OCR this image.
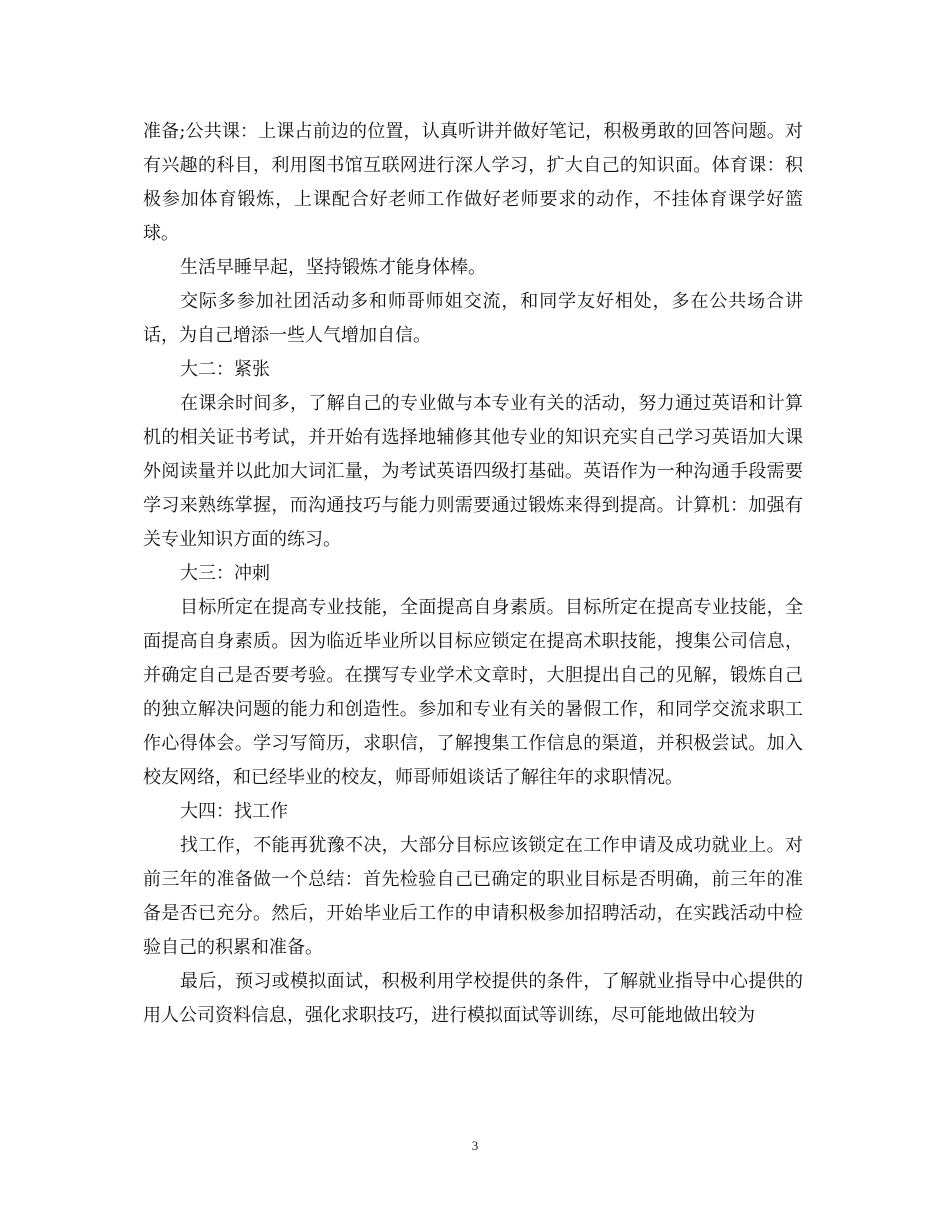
准备;公共课：上课占前边的位置，认真听讲并做好笔记，积极勇敢的回答问题。对有兴趣的科目，利用图书馆互联网进行深人学习，扩大自己的知识面。体育课：积极参加体育锻炼，上课配合好老师工作做好老师要求的动作，不挂体育课学好篮球。

生活早睡早起，坚持锻炼才能身体棒。

交际多参加社团活动多和师哥师姐交流，和同学友好相处，多在公共场合讲话，为自己增添一些人气增加自信。

大二：紧张

在课余时间多，了解自己的专业做与本专业有关的活动，努力通过英语和计算机的相关证书考试，并开始有选择地辅修其他专业的知识充实自己学习英语加大课外阅读量并以此加大词汇量，为考试英语四级打基础。英语作为一种沟通手段需要学习来熟练掌握，而沟通技巧与能力则需要通过锻炼来得到提高。计算机：加强有关专业知识方面的练习。

大三：冲刺

目标所定在提高专业技能，全面提高自身素质。目标所定在提高专业技能，全面提高自身素质。因为临近毕业所以目标应锁定在提高术职技能，搜集公司信息，并确定自己是否要考验。在撰写专业学术文章时，大胆提出自己的见解，锻炼自己的独立解决问题的能力和创造性。参加和专业有关的暑假工作，和同学交流求职工作心得体会。学习写简历，求职信，了解搜集工作信息的渠道，并积极尝试。加入校友网络，和已经毕业的校友，师哥师姐谈话了解往年的求职情况。

大四：找工作

找工作，不能再犹豫不决，大部分目标应该锁定在工作申请及成功就业上。对前三年的准备做一个总结：首先检验自己已确定的职业目标是否明确，前三年的准备是否已充分。然后，开始毕业后工作的申请积极参加招聘活动，在实践活动中检验自己的积累和准备。

最后，预习或模拟面试，积极利用学校提供的条件，了解就业指导中心提供的用人公司资料信息，强化求职技巧，进行模拟面试等训练，尽可能地做出较为

3
